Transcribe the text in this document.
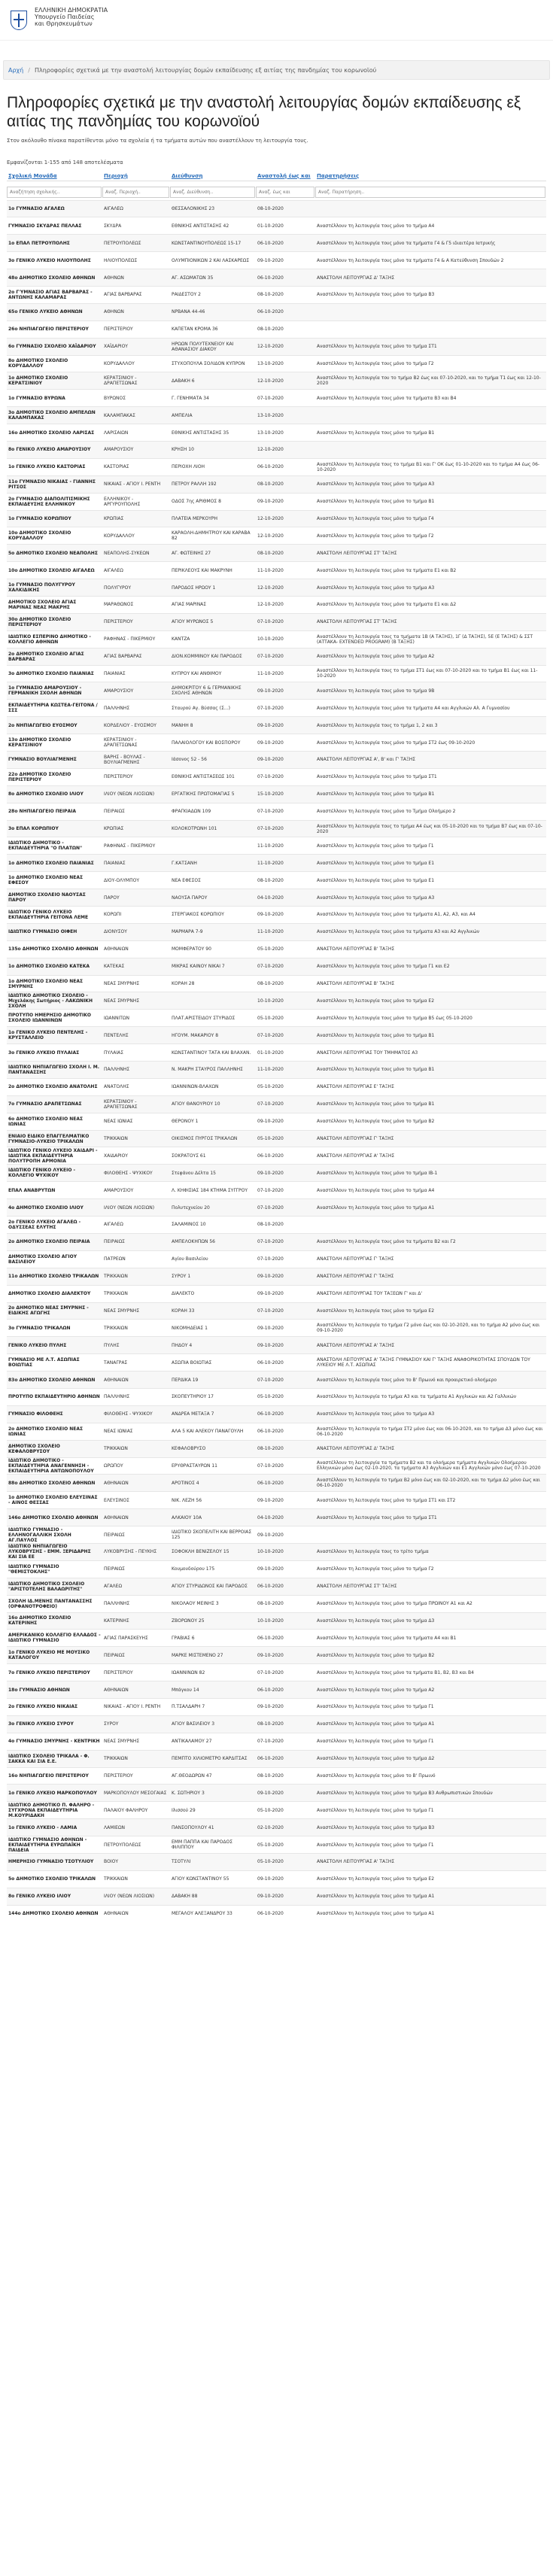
ΕΛΛΗΝΙΚΗ ΔΗΜΟΚΡΑΤΙΑ
Υπουργείο Παιδείας
και Θρησκευμάτων
Αρχή / Πληροφορίες σχετικά με την αναστολή λειτουργίας δομών εκπαίδευσης εξ αιτίας της πανδημίας του κορωνοϊού
Πληροφορίες σχετικά με την αναστολή λειτουργίας δομών εκπαίδευσης εξ αιτίας της πανδημίας του κορωνοϊού
Στον ακόλουθο πίνακα παρατίθενται μόνο τα σχολεία ή τα τμήματα αυτών που αναστέλλουν τη λειτουργία τους.
Εμφανίζονται 1-155 από 148 αποτελέσματα
Σχολική Μονάδα	Περιοχή	Διεύθυνση	Αναστολή έως και	Παρατηρήσεις
Αναζήτηση σχολικής..	Αναζ. Περιοχή..	Αναζ. Διεύθυνση..	Αναζ. έως και	Αναζ. Παρατήρηση..
1ο ΓΥΜΝΑΣΙΟ ΑΓΑΛΕΩ	ΑΙΓΑΛΕΩ	ΘΕΣΣΑΛΟΝΙΚΗΣ 23	08-10-2020	
ΓΥΜΝΑΣΙΟ ΣΚΥΔΡΑΣ ΠΕΛΛΑΣ	ΣΚΥΔΡΑ	ΕΘΝΙΚΗΣ ΑΝΤΙΣΤΑΣΗΣ 42	01-10-2020	Αναστέλλουν τη λειτουργία τους μόνο το τμήμα Α4
1ο ΕΠΑΛ ΠΕΤΡΟΥΠΟΛΗΣ	ΠΕΤΡΟΥΠΟΛΕΩΣ	ΚΩΝΣΤΑΝΤΙΝΟΥΠΟΛΕΩΣ 15-17	06-10-2020	Αναστέλλουν τη λειτουργία τους μόνο τα τμήματα Γ4 & Γ5 ιδιαιτέρα Ιατρικής
3ο ΓΕΝΙΚΟ ΛΥΚΕΙΟ ΗΛΙΟΥΠΟΛΗΣ	ΗΛΙΟΥΠΟΛΕΩΣ	ΟΛΥΜΠΙΟΝΙΚΩΝ 2 ΚΑΙ ΛΑΣΚΑΡΕΩΣ	09-10-2020	Αναστέλλουν τη λειτουργία τους μόνο τα τμήματα Γ4 & Α Κατεύθυνση Σπουδών 2
48ο ΔΗΜΟΤΙΚΟ ΣΧΟΛΕΙΟ ΑΘΗΝΩΝ	ΑΘΗΝΩΝ	ΑΓ. ΑΣΩΜΑΤΩΝ 35	06-10-2020	ΑΝΑΣΤΟΛΗ ΛΕΙΤΟΥΡΓΙΑΣ Δ' ΤΑΞΗΣ
2ο Γ'ΥΜΝΑΣΙΟ ΑΓΙΑΣ ΒΑΡΒΑΡΑΣ - ΑΝΤΩΝΗΣ ΚΑΛΑΜΑΡΑΣ	ΑΓΙΑΣ ΒΑΡΒΑΡΑΣ	ΡΑΙΔΕΣΤΟΥ 2	08-10-2020	Αναστέλλουν τη λειτουργία τους μόνο το τμήμα Β3
65ο ΓΕΝΙΚΟ ΛΥΚΕΙΟ ΑΘΗΝΩΝ	ΑΘΗΝΩΝ	ΝΡΒΑΝΑ 44-46	06-10-2020	
26ο ΝΗΠΙΑΓΩΓΕΙΟ ΠΕΡΙΣΤΕΡΙΟΥ	ΠΕΡΙΣΤΕΡΙΟΥ	ΚΑΠΕΤΑΝ ΚΡΟΜΑ 36	08-10-2020	
6ο ΓΥΜΝΑΣΙΟ ΣΧΟΛΕΙΟ ΧΑΪΔΑΡΙΟΥ	ΧΑΪΔΑΡΙΟΥ	ΗΡΩΩΝ ΠΟΛΥΤΕΧΝΕΙΟΥ ΚΑΙ ΑΘΑΝΑΣΙΟΥ ΔΙΑΚΟΥ	12-10-2020	Αναστέλλουν τη λειτουργία τους μόνο το τμήμα ΣΤ1
8ο ΔΗΜΟΤΙΚΟ ΣΧΟΛΕΙΟ ΚΟΡΥΔΑΛΛΟΥ	ΚΟΡΥΔΑΛΛΟΥ	ΣΤΥΧΟΠΟΥΛΑ ΣΟΛΙΔΟΝ ΚΥΠΡΟΝ	13-10-2020	Αναστέλλουν τη λειτουργία τους μόνο το τμήμα Γ2
1ο ΔΗΜΟΤΙΚΟ ΣΧΟΛΕΙΟ ΚΕΡΑΤΣΙΝΙΟΥ	ΚΕΡΑΤΣΙΝΙΟΥ - ΔΡΑΠΕΤΣΩΝΑΣ	ΔΑΒΑΚΗ 6	12-10-2020	Αναστέλλουν τη λειτουργία του το τμήμα Β2 έως και 07-10-2020, και το τμήμα Τ1 έως και 12-10-2020
1ο ΓΥΜΝΑΣΙΟ ΒΥΡΩΝΑ	ΒΥΡΩΝΟΣ	Γ. ΓΕΝΗΜΑΤΑ 34	07-10-2020	Αναστέλλουν τη λειτουργία τους μόνο τα τμήματα Β3 και Β4
3ο ΔΗΜΟΤΙΚΟ ΣΧΟΛΕΙΟ ΑΜΠΕΛΩΝ ΚΑΛΑΜΠΑΚΑΣ	ΚΑΛΑΜΠΑΚΑΣ	ΑΜΠΕΛΙΑ	13-10-2020	
16ο ΔΗΜΟΤΙΚΟ ΣΧΟΛΕΙΟ ΛΑΡΙΣΑΣ	ΛΑΡΙΣΑΙΩΝ	ΕΘΝΙΚΗΣ ΑΝΤΙΣΤΑΣΗΣ 35	13-10-2020	Αναστέλλουν τη λειτουργία τους μόνο το τμήμα Β1
8ο ΓΕΝΙΚΟ ΛΥΚΕΙΟ ΑΜΑΡΟΥΣΙΟΥ	ΑΜΑΡΟΥΣΙΟΥ	ΚΡΗΣΗ 10	12-10-2020	
1ο ΓΕΝΙΚΟ ΛΥΚΕΙΟ ΚΑΣΤΟΡΙΑΣ	ΚΑΣΤΟΡΙΑΣ	ΠΕΡΙΟΧΗ ΛΙΟΗ	06-10-2020	Αναστέλλουν τη λειτουργία τους το τμήμα Β1 και Γ' ΟΚ έως 01-10-2020 και το τμήμα Α4 έως 06-10-2020
11ο ΓΥΜΝΑΣΙΟ ΝΙΚΑΙΑΣ - ΓΙΑΝΝΗΣ ΡΙΤΣΟΣ	ΝΙΚΑΙΑΣ - ΑΓΙΟΥ Ι. ΡΕΝΤΗ	ΠΕΤΡΟΥ ΡΑΛΛΗ 192	08-10-2020	Αναστέλλουν τη λειτουργία τους μόνο το τμήμα Α3
2ο ΓΥΜΝΑΣΙΟ ΔΙΑΠΟΛΙΤΙΣΜΙΚΗΣ ΕΚΠΑΙΔΕΥΣΗΣ ΕΛΛΗΝΙΚΟΥ	ΕΛΛΗΝΙΚΟΥ - ΑΡΓΥΡΟΥΠΟΛΗΣ	ΟΔΟΣ 7ης ΑΡΙΘΜΟΣ 8	09-10-2020	Αναστέλλουν τη λειτουργία τους μόνο το τμήμα Β1
1ο ΓΥΜΝΑΣΙΟ ΚΟΡΩΠΙΟΥ	ΚΡΩΠΙΑΣ	ΠΛΑΤΕΙΑ ΜΕΡΚΟΥΡΗ	12-10-2020	Αναστέλλουν τη λειτουργία τους μόνο το τμήμα Γ4
10ο ΔΗΜΟΤΙΚΟ ΣΧΟΛΕΙΟ ΚΟΡΥΔΑΛΛΟΥ	ΚΟΡΥΔΑΛΛΟΥ	ΚΑΡΑΟΛΗ-ΔΗΜΗΤΡΙΟΥ ΚΑΙ ΚΑΡΑΒΑ 82	12-10-2020	Αναστέλλουν τη λειτουργία τους μόνο το τμήμα Γ2
5ο ΔΗΜΟΤΙΚΟ ΣΧΟΛΕΙΟ ΝΕΑΠΟΛΗΣ	ΝΕΑΠΟΛΗΣ-ΣΥΚΕΩΝ	ΑΓ. ΦΩΤΕΙΝΗΣ 27	08-10-2020	ΑΝΑΣΤΟΛΗ ΛΕΙΤΟΥΡΓΙΑΣ ΣΤ' ΤΑΞΗΣ
10ο ΔΗΜΟΤΙΚΟ ΣΧΟΛΕΙΟ ΑΙΓΑΛΕΩ	ΑΙΓΑΛΕΩ	ΠΕΡΙΚΛΕΟΥΣ ΚΑΙ ΜΑΚΡΥΝΗ	11-10-2020	Αναστέλλουν τη λειτουργία τους μόνο τα τμήματα Ε1 και Β2
1ο ΓΥΜΝΑΣΙΟ ΠΟΛΥΓΥΡΟΥ ΧΑΛΚΙΔΙΚΗΣ	ΠΟΛΥΓΥΡΟΥ	ΠΑΡΟΔΟΣ ΗΡΩΟΥ 1	12-10-2020	Αναστέλλουν τη λειτουργία τους μόνο το τμήμα Α3
ΔΗΜΟΤΙΚΟ ΣΧΟΛΕΙΟ ΑΓΙΑΣ ΜΑΡΙΝΑΣ ΝΕΑΣ ΜΑΚΡΗΣ	ΜΑΡΑΘΩΝΟΣ	ΑΓΙΑΣ ΜΑΡΙΝΑΣ	12-10-2020	Αναστέλλουν τη λειτουργία τους μόνο τα τμήματα Ε1 και Δ2
30ο ΔΗΜΟΤΙΚΟ ΣΧΟΛΕΙΟ ΠΕΡΙΣΤΕΡΙΟΥ	ΠΕΡΙΣΤΕΡΙΟΥ	ΑΓΙΟΥ ΜΥΡΩΝΟΣ 5	07-10-2020	ΑΝΑΣΤΟΛΗ ΛΕΙΤΟΥΡΓΙΑΣ ΣΤ' ΤΑΞΗΣ
ΙΔΙΩΤΙΚΟ ΕΣΠΕΡΙΝΟ ΔΗΜΟΤΙΚΟ - ΚΟΛΛΕΓΙΟ ΑΘΗΝΩΝ	ΡΑΦΗΝΑΣ - ΠΙΚΕΡΜΙΟΥ	ΚΑΝΤΖΑ	10-10-2020	Αναστέλλουν τη λειτουργία τους τα τμήματα 1Β (Α ΤΑΞΗΣ), 1Γ (Δ ΤΑΞΗΣ), 5Ε (Ε ΤΑΞΗΣ) & ΣΣΤ (ΑΤΤΑΚΑ- EXTENDED PROGRAM) (Β ΤΑΞΗΣ)
2ο ΔΗΜΟΤΙΚΟ ΣΧΟΛΕΙΟ ΑΓΙΑΣ ΒΑΡΒΑΡΑΣ	ΑΓΙΑΣ ΒΑΡΒΑΡΑΣ	ΔΙΟΝ.ΚΟΜΜΙΝΟΥ ΚΑΙ ΠΑΡΟΔΟΣ	07-10-2020	Αναστέλλουν τη λειτουργία τους μόνο το τμήμα Α2
3ο ΔΗΜΟΤΙΚΟ ΣΧΟΛΕΙΟ ΠΑΙΑΝΙΑΣ	ΠΑΙΑΝΙΑΣ	ΚΥΠΡΟΥ ΚΑΙ ΑΝΘΙΜΟΥ	11-10-2020	Αναστέλλουν τη λειτουργία τους το τμήμα ΣΤ1 έως και 07-10-2020 και το τμήμα Β1 έως και 11-10-2020
1ο ΓΥΜΝΑΣΙΟ ΑΜΑΡΟΥΣΙΟΥ - ΓΕΡΜΑΝΙΚΗ ΣΧΟΛΗ ΑΘΗΝΩΝ	ΑΜΑΡΟΥΣΙΟΥ	ΔΗΜΟΚΡΙΤΟΥ 6 & ΓΕΡΜΑΝΙΚΗΣ ΣΧΟΛΗΣ ΑΘΗΝΩΝ	09-10-2020	Αναστέλλουν τη λειτουργία τους μόνο το τμήμα 9Β
ΕΚΠΑΙΔΕΥΤΗΡΙΑ ΚΩΣΤΕΑ-ΓΕΙΤΟΝΑ / ΣΣΣ	ΠΑΛΛΗΝΗΣ	Σταυρού Αγ. Βύσσας (Σ...)	07-10-2020	Αναστέλλουν τη λειτουργία τους μόνο τα τμήματα Α4 και Αγγλικών Αλ. Α Γυμνασίου
2ο ΝΗΠΙΑΓΩΓΕΙΟ ΕΥΟΣΜΟΥ	ΚΟΡΔΕΛΙΟΥ - ΕΥΟΣΜΟΥ	ΜΑΝΗΗ 8	09-10-2020	Αναστέλλουν τη λειτουργία τους το τμήμα 1, 2 και 3
13ο ΔΗΜΟΤΙΚΟ ΣΧΟΛΕΙΟ ΚΕΡΑΤΣΙΝΙΟΥ	ΚΕΡΑΤΣΙΝΙΟΥ - ΔΡΑΠΕΤΣΩΝΑΣ	ΠΑΛΑΙΟΛΟΓΟΥ ΚΑΙ ΒΟΣΠΟΡΟΥ	09-10-2020	Αναστέλλουν τη λειτουργία τους μόνο το τμήμα ΣΤ2 έως 09-10-2020
ΓΥΜΝΑΣΙΟ ΒΟΥΛΙΑΓΜΕΝΗΣ	ΒΑΡΗΣ - ΒΟΥΛΑΣ - ΒΟΥΛΙΑΓΜΕΝΗΣ	Ιάσονος 52 - 56	09-10-2020	ΑΝΑΣΤΟΛΗ ΛΕΙΤΟΥΡΓΙΑΣ Α', Β' και Γ' ΤΑΞΗΣ
22ο ΔΗΜΟΤΙΚΟ ΣΧΟΛΕΙΟ ΠΕΡΙΣΤΕΡΙΟΥ	ΠΕΡΙΣΤΕΡΙΟΥ	ΕΘΝΙΚΗΣ ΑΝΤΙΣΤΑΣΕΩΣ 101	07-10-2020	Αναστέλλουν τη λειτουργία τους μόνο το τμήμα ΣΤ1
8ο ΔΗΜΟΤΙΚΟ ΣΧΟΛΕΙΟ ΙΛΙΟΥ	ΙΛΙΟΥ (ΝΕΩΝ ΛΙΟΣΙΩΝ)	ΕΡΓΑΤΙΚΗΣ ΠΡΩΤΟΜΑΓΙΑΣ 5	15-10-2020	Αναστέλλουν τη λειτουργία τους μόνο το τμήμα Β1
28ο ΝΗΠΙΑΓΩΓΕΙΟ ΠΕΙΡΑΙΑ	ΠΕΙΡΑΙΩΣ	ΦΡΑΓΚΙΑΔΩΝ 109	07-10-2020	Αναστέλλουν τη λειτουργία τους μόνο το Τμήμα Ολοήμερο 2
3ο ΕΠΑΛ ΚΟΡΩΠΙΟΥ	ΚΡΩΠΙΑΣ	ΚΟΛΟΚΟΤΡΩΝΗ 101	07-10-2020	Αναστέλλουν τη λειτουργία τους το τμήμα Α4 έως και 05-10-2020 και το τμήμα Β7 έως και 07-10-2020
ΙΔΙΩΤΙΚΟ ΔΗΜΟΤΙΚΟ - ΕΚΠΑΙΔΕΥΤΗΡΙΑ "Ο ΠΛΑΤΩΝ"	ΡΑΦΗΝΑΣ - ΠΙΚΕΡΜΙΟΥ		11-10-2020	Αναστέλλουν τη λειτουργία τους μόνο το τμήμα Γ1
1ο ΔΗΜΟΤΙΚΟ ΣΧΟΛΕΙΟ ΠΑΙΑΝΙΑΣ	ΠΑΙΑΝΙΑΣ	Γ.ΚΑΤΣΑΝΗ	11-10-2020	Αναστέλλουν τη λειτουργία τους μόνο το τμήμα Ε1
1ο ΔΗΜΟΤΙΚΟ ΣΧΟΛΕΙΟ ΝΕΑΣ ΕΦΕΣΟΥ	ΔΙΟΥ-ΟΛΥΜΠΟΥ	ΝΕΑ ΕΦΕΣΟΣ	08-10-2020	Αναστέλλουν τη λειτουργία τους μόνο το τμήμα Ε1
ΔΗΜΟΤΙΚΟ ΣΧΟΛΕΙΟ ΝΑΟΥΣΑΣ ΠΑΡΟΥ	ΠΑΡΟΥ	ΝΑΟΥΣΑ ΠΑΡΟΥ	04-10-2020	Αναστέλλουν τη λειτουργία τους μόνο το τμήμα Α3
ΙΔΙΩΤΙΚΟ ΓΕΝΙΚΟ ΛΥΚΕΙΟ ΕΚΠΑΙΔΕΥΤΗΡΙΑ ΓΕΙΤΟΝΑ ΛΕΜΕ	ΚΟΡΩΠΙ	ΣΤΕΡΓΙΑΚΟΣ ΚΟΡΩΠΙΟΥ	09-10-2020	Αναστέλλουν τη λειτουργία τους μόνο τα τμήματα Α1, Α2, Α3, και Α4
ΙΔΙΩΤΙΚΟ ΓΥΜΝΑΣΙΟ ΟΙΦΕΗ	ΔΙΟΝΥΣΟΥ	ΜΑΡΜΑΡΑ 7-9	11-10-2020	Αναστέλλουν τη λειτουργία τους μόνο τα τμήματα Α3 και Α2 Αγγλικών
135ο ΔΗΜΟΤΙΚΟ ΣΧΟΛΕΙΟ ΑΘΗΝΩΝ	ΑΘΗΝΑΙΩΝ	ΜΟΜΦΕΡΑΤΟΥ 90	05-10-2020	ΑΝΑΣΤΟΛΗ ΛΕΙΤΟΥΡΓΙΑΣ Β' ΤΑΞΗΣ
1ο ΔΗΜΟΤΙΚΟ ΣΧΟΛΕΙΟ ΚΑΤΕΚΑ	ΚΑΤΕΚΑΣ	ΜΙΚΡΑΣ ΚΑΙΝΟΥ ΝΙΚΑΙ 7	07-10-2020	Αναστέλλουν τη λειτουργία τους μόνο το τμήμα Γ1 και Ε2
1ο ΔΗΜΟΤΙΚΟ ΣΧΟΛΕΙΟ ΝΕΑΣ ΣΜΥΡΝΗΣ	ΝΕΑΣ ΣΜΥΡΝΗΣ	ΚΟΡΑΗ 28	08-10-2020	ΑΝΑΣΤΟΛΗ ΛΕΙΤΟΥΡΓΙΑΣ Β' ΤΑΞΗΣ
ΙΔΙΩΤΙΚΟ ΔΗΜΟΤΙΚΟ ΣΧΟΛΕΙΟ - Μιχελάκης Σωτήριος - ΛΑΚΩΝΙΚΗ ΣΧΟΛΗ	ΝΕΑΣ ΣΜΥΡΝΗΣ		10-10-2020	Αναστέλλουν τη λειτουργία τους μόνο το τμήμα Ε2
ΠΡΟΤΥΠΟ ΗΜΕΡΗΣΙΟ ΔΗΜΟΤΙΚΟ ΣΧΟΛΕΙΟ ΙΩΑΝΝΙΝΩΝ	ΙΩΑΝΝΙΤΩΝ	ΠΛΑΤ.ΑΡΙΣΤΕΙΔΟΥ ΣΤΥΡΙΔΟΣ	05-10-2020	Αναστέλλουν τη λειτουργία τους μόνο το τμήμα Β5 έως 05-10-2020
1ο ΓΕΝΙΚΟ ΛΥΚΕΙΟ ΠΕΝΤΕΛΗΣ - ΚΡΥΣΤΑΛΛΕΙΟ	ΠΕΝΤΕΛΗΣ	ΗΓΟΥΜ. ΜΑΚΑΡΙΟΥ 8	07-10-2020	Αναστέλλουν τη λειτουργία τους μόνο το τμήμα Β1
3ο ΓΕΝΙΚΟ ΛΥΚΕΙΟ ΠΥΛΑΙΑΣ	ΠΥΛΑΙΑΣ	ΚΩΝΣΤΑΝΤΙΝΟΥ ΤΑΤΑ ΚΑΙ ΒΛΑΧΑΝ.	01-10-2020	ΑΝΑΣΤΟΛΗ ΛΕΙΤΟΥΡΓΙΑΣ ΤΟΥ ΤΜΗΜΑΤΟΣ Α3
ΙΔΙΩΤΙΚΟ ΝΗΠΙΑΓΩΓΕΙΟ ΣΧΟΛΗ Ι. Μ. ΠΑΝΤΑΝΑΣΣΗΣ	ΠΑΛΛΗΝΗΣ	Ν. ΜΑΚΡΗ ΣΤΑΥΡΟΣ ΠΑΛΛΗΝΗΣ	11-10-2020	Αναστέλλουν τη λειτουργία τους μόνο το τμήμα Β1
2ο ΔΗΜΟΤΙΚΟ ΣΧΟΛΕΙΟ ΑΝΑΤΟΛΗΣ	ΑΝΑΤΟΛΗΣ	ΙΩΑΝΝΙΝΩΝ-ΒΛΑΧΩΝ	05-10-2020	ΑΝΑΣΤΟΛΗ ΛΕΙΤΟΥΡΓΙΑΣ Ε' ΤΑΞΗΣ
7ο ΓΥΜΝΑΣΙΟ ΔΡΑΠΕΤΣΩΝΑΣ	ΚΕΡΑΤΣΙΝΙΟΥ - ΔΡΑΠΕΤΣΩΝΑΣ	ΑΓΙΟΥ ΘΑΝΟΥΡΙΟΥ 10	07-10-2020	Αναστέλλουν τη λειτουργία τους μόνο το τμήμα Β1
6ο ΔΗΜΟΤΙΚΟ ΣΧΟΛΕΙΟ ΝΕΑΣ ΙΩΝΙΑΣ	ΝΕΑΣ ΙΩΝΙΑΣ	ΘΕΡΟΝΟΥ 1	09-10-2020	Αναστέλλουν τη λειτουργία τους μόνο το τμήμα Β2
ΕΝΙΑΙΟ ΕΙΔΙΚΟ ΕΠΑΓΓΕΛΜΑΤΙΚΟ ΓΥΜΝΑΣΙΟ-ΛΥΚΕΙΟ ΤΡΙΚΑΛΩΝ	ΤΡΙΚΚΑΙΩΝ	ΟΙΚΙΣΜΟΣ ΠΥΡΓΟΣ ΤΡΙΚΑΛΩΝ	05-10-2020	ΑΝΑΣΤΟΛΗ ΛΕΙΤΟΥΡΓΙΑΣ Γ' ΤΑΞΗΣ
ΙΔΙΩΤΙΚΟ ΓΕΝΙΚΟ ΛΥΚΕΙΟ ΧΑΙΔΑΡΙ - ΙΔΙΩΤΙΚΑ ΕΚΠΑΙΔΕΥΤΗΡΙΑ ΠΟΛΥΤΡΟΠΗ ΑΡΜΟΝΙΑ	ΧΑΙΔΑΡΙΟΥ	ΣΟΚΡΑΤΟΥΣ 61	06-10-2020	ΑΝΑΣΤΟΛΗ ΛΕΙΤΟΥΡΓΙΑΣ Α' ΤΑΞΗΣ
ΙΔΙΩΤΙΚΟ ΓΕΝΙΚΟ ΛΥΚΕΙΟ - ΚΟΛΛΕΓΙΟ ΨΥΧΙΚΟΥ	ΦΙΛΟΘΕΗΣ - ΨΥΧΙΚΟΥ	Στεφάνου Δέλτα 15	09-10-2020	Αναστέλλουν τη λειτουργία τους μόνο το τμήμα ΙΒ-1
ΕΠΑΛ ΑΝΑΒΡΥΤΩΝ	ΑΜΑΡΟΥΣΙΟΥ	Λ. ΚΗΦΙΣΙΑΣ 184 ΚΤΗΜΑ ΣΥΓΓΡΟΥ	07-10-2020	Αναστέλλουν τη λειτουργία τους μόνο το τμήμα Α4
4ο ΔΗΜΟΤΙΚΟ ΣΧΟΛΕΙΟ ΙΛΙΟΥ	ΙΛΙΟΥ (ΝΕΩΝ ΛΙΟΣΙΩΝ)	Πολυτεχνείου 20	07-10-2020	Αναστέλλουν τη λειτουργία τους μόνο το τμήμα Α1
2ο ΓΕΝΙΚΟ ΛΥΚΕΙΟ ΑΓΑΛΕΩ - ΟΔΥΣΣΕΑΣ ΕΛΥΤΗΣ	ΑΙΓΑΛΕΩ	ΣΑΛΑΜΙΝΟΣ 10	08-10-2020	
2ο ΔΗΜΟΤΙΚΟ ΣΧΟΛΕΙΟ ΠΕΙΡΑΙΑ	ΠΕΙΡΑΙΩΣ	ΑΜΠΕΛΟΚΗΠΩΝ 56	07-10-2020	Αναστέλλουν τη λειτουργία τους μόνο τα τμήματα Β2 και Γ2
ΔΗΜΟΤΙΚΟ ΣΧΟΛΕΙΟ ΑΓΙΟΥ ΒΑΣΙΛΕΙΟΥ	ΠΑΤΡΕΩΝ	Αγίου Βασιλείου	07-10-2020	ΑΝΑΣΤΟΛΗ ΛΕΙΤΟΥΡΓΙΑΣ Γ' ΤΑΞΗΣ
11ο ΔΗΜΟΤΙΚΟ ΣΧΟΛΕΙΟ ΤΡΙΚΑΛΩΝ	ΤΡΙΚΚΑΙΩΝ	ΣΥΡΟΥ 1	09-10-2020	ΑΝΑΣΤΟΛΗ ΛΕΙΤΟΥΡΓΙΑΣ Γ' ΤΑΞΗΣ
ΔΗΜΟΤΙΚΟ ΣΧΟΛΕΙΟ ΔΙΑΛΕΚΤΟΥ	ΤΡΙΚΚΑΙΩΝ	ΔΙΑΛΕΚΤΟ	09-10-2020	ΑΝΑΣΤΟΛΗ ΛΕΙΤΟΥΡΓΙΑΣ ΤΟΥ ΤΑΞΕΩΝ Γ' και Δ'
2ο ΔΗΜΟΤΙΚΟ ΝΕΑΣ ΣΜΥΡΝΗΣ - ΕΙΔΙΚΗΣ ΑΓΩΓΗΣ	ΝΕΑΣ ΣΜΥΡΝΗΣ	ΚΟΡΑΗ 33	07-10-2020	Αναστέλλουν τη λειτουργία τους μόνο το τμήμα Ε2
3ο ΓΥΜΝΑΣΙΟ ΤΡΙΚΑΛΩΝ	ΤΡΙΚΚΑΙΩΝ	ΝΙΚΟΜΗΔΕΙΑΣ 1	09-10-2020	Αναστέλλουν τη λειτουργία το τμήμα Γ2 μόνο έως και 02-10-2020, και το τμήμα Α2 μόνο έως και 09-10-2020
ΓΕΝΙΚΟ ΛΥΚΕΙΟ ΠΥΛΗΣ	ΠΥΛΗΣ	ΠΗΔΟΥ 4	09-10-2020	ΑΝΑΣΤΟΛΗ ΛΕΙΤΟΥΡΓΙΑΣ Α' ΤΑΞΗΣ
ΓΥΜΝΑΣΙΟ ΜΕ Λ.Τ. ΑΣΩΠΙΑΣ ΒΟΙΩΤΙΑΣ	ΤΑΝΑΓΡΑΣ	ΑΣΩΠΙΑ ΒΟΙΩΤΙΑΣ	06-10-2020	ΑΝΑΣΤΟΛΗ ΛΕΙΤΟΥΡΓΙΑΣ Α' ΤΑΞΗΣ ΓΥΜΝΑΣΙΟΥ ΚΑΙ Γ' ΤΑΞΗΣ ΑΝΑΦΟΡΙΚΟΤΗΤΑΣ ΣΠΟΥΔΩΝ ΤΟΥ ΛΥΚΕΙΟΥ ΜΕ Λ.Τ. ΑΣΩΠΙΑΣ
83ο ΔΗΜΟΤΙΚΟ ΣΧΟΛΕΙΟ ΑΘΗΝΩΝ	ΑΘΗΝΑΙΩΝ	ΠΕΡΔΙΚΑ 19	07-10-2020	Αναστέλλουν τη λειτουργία τους μόνο το Β' Πρωινό και προαιρετικό ολοήμερο
ΠΡΟΤΥΠΟ ΕΚΠΑΙΔΕΥΤΗΡΙΟ ΑΘΗΝΩΝ	ΠΑΛΛΗΝΗΣ	ΣΚΟΠΕΥΤΗΡΙΟΥ 17	05-10-2020	Αναστέλλουν τη λειτουργία το τμήμα Α3 και τα τμήματα Α1 Αγγλικών και Α2 Γαλλικών
ΓΥΜΝΑΣΙΟ ΦΙΛΟΘΕΗΣ	ΦΙΛΟΘΕΗΣ - ΨΥΧΙΚΟΥ	ΑΝΔΡΕΑ ΜΕΤΑΞΑ 7	06-10-2020	Αναστέλλουν τη λειτουργία τους μόνο το τμήμα Α3
2ο ΔΗΜΟΤΙΚΟ ΣΧΟΛΕΙΟ ΝΕΑΣ ΙΩΝΙΑΣ	ΝΕΑΣ ΙΩΝΙΑΣ	ΑΛΑ 5 ΚΑΙ ΑΛΕΚΟΥ ΠΑΝΑΓΟΥΛΗ	06-10-2020	Αναστέλλουν τη λειτουργία το τμήμα ΣΤ2 μόνο έως και 06-10-2020, και το τμήμα Δ3 μόνο έως και 06-10-2020
ΔΗΜΟΤΙΚΟ ΣΧΟΛΕΙΟ ΚΕΦΑΛΟΒΡΥΣΟΥ	ΤΡΙΚΚΑΙΩΝ	ΚΕΦΑΛΟΒΡΥΣΟ	08-10-2020	ΑΝΑΣΤΟΛΗ ΛΕΙΤΟΥΡΓΙΑΣ Δ' ΤΑΞΗΣ
ΙΔΙΩΤΙΚΟ ΔΗΜΟΤΙΚΟ - ΕΚΠΑΙΔΕΥΤΗΡΙΑ ΑΝΑΓΕΝΝΗΣΗ - ΕΚΠΑΙΔΕΥΤΗΡΙΑ ΑΝΤΩΝΟΠΟΥΛΟΥ	ΩΡΩΠΟΥ	ΕΡΥΘΡΑΣΤΑΥΡΩΝ 11	07-10-2020	Αναστέλλουν τη λειτουργία τα τμήματα Β2 και τα ολοήμερα τμήματα Αγγλικών Ολοήμερου Ελληνικών μόνο έως 02-10-2020, τα τμήματα Α3 Αγγλικών και Ε1 Αγγλικών μόνο έως 07-10-2020
88ο ΔΗΜΟΤΙΚΟ ΣΧΟΛΕΙΟ ΑΘΗΝΩΝ	ΑΘΗΝΑΙΩΝ	ΑΡΟΤΙΝΟΣ 4	06-10-2020	Αναστέλλουν τη λειτουργία το τμήμα Β2 μόνο έως και 02-10-2020, και το τμήμα Δ2 μόνο έως και 06-10-2020
1ο ΔΗΜΟΤΙΚΟ ΣΧΟΛΕΙΟ ΕΛΕΥΣΙΝΑΣ - ΑΙΝΟΣ ΘΕΣΣΑΣ	ΕΛΕΥΣΙΝΟΣ	ΝΙΚ. ΛΕΖΗ 56	09-10-2020	Αναστέλλουν τη λειτουργία τους μόνο το τμήμα ΣΤ1 και ΣΤ2
146ο ΔΗΜΟΤΙΚΟ ΣΧΟΛΕΙΟ ΑΘΗΝΩΝ	ΑΘΗΝΑΙΩΝ	ΑΛΚΑΙΟΥ 10Α	04-10-2020	Αναστέλλουν τη λειτουργία τους μόνο το τμήμα ΣΤ1
ΙΔΙΩΤΙΚΟ ΓΥΜΝΑΣΙΟ - ΕΛΛΗΝΟΓΑΛΛΙΚΗ ΣΧΟΛΗ ΑΓ.ΠΑΥΛΟΣ	ΠΕΙΡΑΙΩΣ	ΙΔΙΩΤΙΚΟ ΣΚΟΠΕΛΙΤΗ ΚΑΙ ΒΕΡΡΟΙΑΣ 125	09-10-2020	
ΙΔΙΩΤΙΚΟ ΝΗΠΙΑΓΩΓΕΙΟ ΛΥΚΟΒΡΥΣΗΣ - ΕΜΜ. ΞΕΡΙΔΑΡΗΣ ΚΑΙ ΣΙΑ ΕΕ	ΛΥΚΟΒΡΥΣΗΣ - ΠΕΥΚΗΣ	ΣΟΦΟΚΛΗ ΒΕΝΙΖΕΛΟΥ 15	10-10-2020	Αναστέλλουν τη λειτουργία τους το τρίτο τμήμα
ΙΔΙΩΤΙΚΟ ΓΥΜΝΑΣΙΟ "ΘΕΜΙΣΤΟΚΛΗΣ"	ΠΕΙΡΑΙΩΣ	Κουμουδούρου 175	09-10-2020	Αναστέλλουν τη λειτουργία τους μόνο το τμήμα Γ2
ΙΔΙΩΤΙΚΟ ΔΗΜΟΤΙΚΟ ΣΧΟΛΕΙΟ "ΑΡΙΣΤΟΤΕΛΗΣ ΒΑΛΑΩΡΙΤΗΣ"	ΑΓΑΛΕΩ	ΑΓΙΟΥ ΣΤΥΡΙΔΩΝΟΣ ΚΑΙ ΠΑΡΟΔΟΣ	06-10-2020	ΑΝΑΣΤΟΛΗ ΛΕΙΤΟΥΡΓΙΑΣ ΣΤ' ΤΑΞΗΣ
ΣΧΟΛΗ ΙΔ.ΜΕΝΗΣ ΠΑΝΤΑΝΑΣΣΗΣ (ΟΡΦΑΝΟΤΡΟΦΕΙΟ)	ΠΑΛΛΗΝΗΣ	ΝΙΚΟΛΑΟΥ ΜΕΙΝΗΣ 3	08-10-2020	Αναστέλλουν τη λειτουργία τους μόνο το τμήμα ΠΡΩΙΝΟΥ Α1 και Α2
16ο ΔΗΜΟΤΙΚΟ ΣΧΟΛΕΙΟ ΚΑΤΕΡΙΝΗΣ	ΚΑΤΕΡΙΝΗΣ	ΖΒΟΡΩΝΟΥ 25	10-10-2020	Αναστέλλουν τη λειτουργία τους μόνο το τμήμα Δ3
ΑΜΕΡΙΚΑΝΙΚΟ ΚΟΛΛΕΓΙΟ ΕΛΛΑΔΟΣ - ΙΔΙΩΤΙΚΟ ΓΥΜΝΑΣΙΟ	ΑΓΙΑΣ ΠΑΡΑΣΚΕΥΗΣ	ΓΡΑΒΙΑΣ 6	06-10-2020	Αναστέλλουν τη λειτουργία τους μόνο τα τμήματα Α4 και Β1
1ο ΓΕΝΙΚΟ ΛΥΚΕΙΟ ΜΕ ΜΟΥΣΙΚΟ ΚΑΤΑΛΟΓΟΥ	ΠΕΙΡΑΙΩΣ	ΜΑΡΚΕ ΜΙΣΤΕΜΕΝΟ 27	09-10-2020	Αναστέλλουν τη λειτουργία τους μόνο το τμήμα Β2
7ο ΓΕΝΙΚΟ ΛΥΚΕΙΟ ΠΕΡΙΣΤΕΡΙΟΥ	ΠΕΡΙΣΤΕΡΙΟΥ	ΙΩΑΝΝΙΝΩΝ 82	07-10-2020	Αναστέλλουν τη λειτουργία τους μόνο τα τμήματα Β1, Β2, Β3 και Β4
18ο ΓΥΜΝΑΣΙΟ ΑΘΗΝΩΝ	ΑΘΗΝΑΙΩΝ	Μπάγκου 14	06-10-2020	Αναστέλλουν τη λειτουργία τους μόνο το τμήμα Α2
2ο ΓΕΝΙΚΟ ΛΥΚΕΙΟ ΝΙΚΑΙΑΣ	ΝΙΚΑΙΑΣ - ΑΓΙΟΥ Ι. ΡΕΝΤΗ	Π.ΤΣΑΛΔΑΡΗ 7	09-10-2020	Αναστέλλουν τη λειτουργία τους μόνο το τμήμα Γ1
3ο ΓΕΝΙΚΟ ΛΥΚΕΙΟ ΣΥΡΟΥ	ΣΥΡΟΥ	ΑΓΙΟΥ ΒΑΣΙΛΕΙΟΥ 3	08-10-2020	Αναστέλλουν τη λειτουργία τους μόνο το τμήμα Α1
4ο ΓΥΜΝΑΣΙΟ ΣΜΥΡΝΗΣ - ΚΕΝΤΡΙΚΗ	ΝΕΑΣ ΣΜΥΡΝΗΣ	ΑΝΤΙΚΑΛΑΜΟΥ 27	07-10-2020	Αναστέλλουν τη λειτουργία τους μόνο το τμήμα Γ1
ΙΔΙΩΤΙΚΟ ΣΧΟΛΕΙΟ ΤΡΙΚΑΛΑ - Φ. ΣΑΚΚΑ ΚΑΙ ΣΙΑ Ε.Ε.	ΤΡΙΚΚΑΙΩΝ	ΠΕΜΠΤΟ ΧΙΛΙΟΜΕΤΡΟ ΚΑΡΔΙΤΣΑΣ	06-10-2020	Αναστέλλουν τη λειτουργία τους μόνο το τμήμα Δ2
16ο ΝΗΠΙΑΓΩΓΕΙΟ ΠΕΡΙΣΤΕΡΙΟΥ	ΠΕΡΙΣΤΕΡΙΟΥ	ΑΓ.ΘΕΟΔΩΡΩΝ 47	08-10-2020	Αναστέλλουν τη λειτουργία τους μόνο το Β' Πρωινό
1ο ΓΕΝΙΚΟ ΛΥΚΕΙΟ ΜΑΡΚΟΠΟΥΛΟΥ	ΜΑΡΚΟΠΟΥΛΟΥ ΜΕΣΟΓΑΙΑΣ	Κ. ΣΩΤΗΡΙΟΥ 3	09-10-2020	Αναστέλλουν τη λειτουργία τους μόνο το τμήμα Β3 Ανθρωπιστικών Σπουδών
ΙΔΙΩΤΙΚΟ ΔΗΜΟΤΙΚΟ Π. ΦΑΛΗΡΟ - ΣΥΓΧΡΟΝΑ ΕΚΠΑΙΔΕΥΤΗΡΙΑ Μ.ΚΟΥΡΙΔΑΚΗ	ΠΑΛΑΙΟΥ ΦΑΛΗΡΟΥ	Ιλισσού 29	05-10-2020	Αναστέλλουν τη λειτουργία τους μόνο το τμήμα Γ1
1ο ΓΕΝΙΚΟ ΛΥΚΕΙΟ - ΛΑΜΙΑ	ΛΑΜΙΕΩΝ	ΠΑΝΣΟΠΟΥΛΟΥ 41	02-10-2020	Αναστέλλουν τη λειτουργία τους μόνο το τμήμα Β3
ΙΔΙΩΤΙΚΟ ΓΥΜΝΑΣΙΟ ΑΘΗΝΩΝ - ΕΚΠΑΙΔΕΥΤΗΡΙΑ ΕΥΡΩΠΑΪΚΗ ΠΑΙΔΕΙΑ	ΠΕΤΡΟΥΠΟΛΕΩΣ	ΕΜΜ ΠΑΠΠΑ ΚΑΙ ΠΑΡΟΔΟΣ ΦΙΛΙΠΠΟΥ	05-10-2020	Αναστέλλουν τη λειτουργία τους μόνο το τμήμα Γ1
ΗΜΕΡΗΣΙΟ ΓΥΜΝΑΣΙΟ ΤΣΟΤΥΛΙΟΥ	ΒΟΙΟΥ	ΤΣΟΤΥΛΙ	05-10-2020	ΑΝΑΣΤΟΛΗ ΛΕΙΤΟΥΡΓΙΑΣ Α' ΤΑΞΗΣ
5ο ΔΗΜΟΤΙΚΟ ΣΧΟΛΕΙΟ ΤΡΙΚΑΛΩΝ	ΤΡΙΚΚΑΙΩΝ	ΑΓΙΟΥ ΚΩΝΣΤΑΝΤΙΝΟΥ 55	09-10-2020	Αναστέλλουν τη λειτουργία τους μόνο το τμήμα Ε2
8ο ΓΕΝΙΚΟ ΛΥΚΕΙΟ ΙΛΙΟΥ	ΙΛΙΟΥ (ΝΕΩΝ ΛΙΟΣΙΩΝ)	ΔΑΒΑΚΗ 88	09-10-2020	Αναστέλλουν τη λειτουργία τους μόνο το τμήμα Α1
144ο ΔΗΜΟΤΙΚΟ ΣΧΟΛΕΙΟ ΑΘΗΝΩΝ	ΑΘΗΝΑΙΩΝ	ΜΕΓΑΛΟΥ ΑΛΕΞΑΝΔΡΟΥ 33	06-10-2020	Αναστέλλουν τη λειτουργία τους μόνο το τμήμα Α1
